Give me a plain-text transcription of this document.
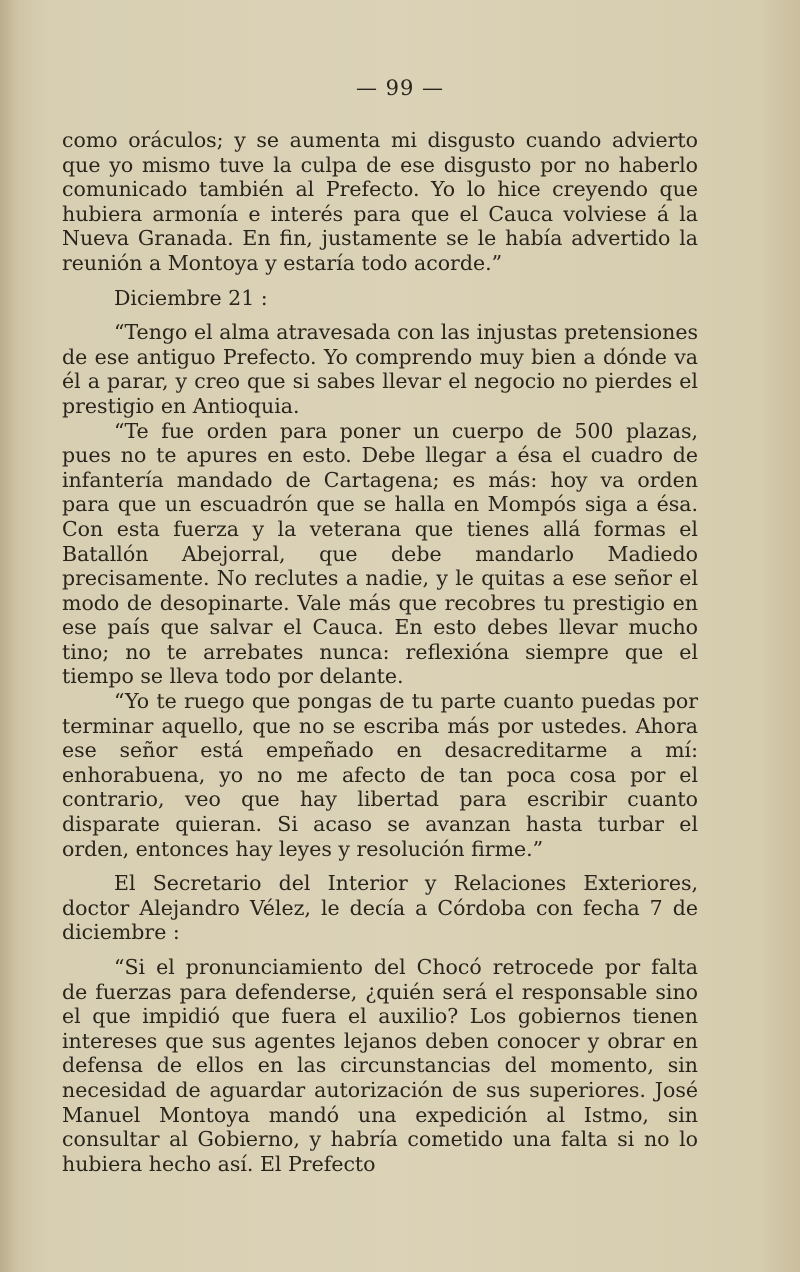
— 99 —

como oráculos; y se aumenta mi disgusto cuando advierto que yo mismo tuve la culpa de ese disgusto por no haberlo comunicado también al Prefecto. Yo lo hice creyendo que hubiera armonía e interés para que el Cauca volviese á la Nueva Granada. En fin, justamente se le había advertido la reunión a Montoya y estaría todo acorde.”

Diciembre 21 :

“Tengo el alma atravesada con las injustas pretensiones de ese antiguo Prefecto. Yo comprendo muy bien a dónde va él a parar, y creo que si sabes llevar el negocio no pierdes el prestigio en Antioquia.

“Te fue orden para poner un cuerpo de 500 plazas, pues no te apures en esto. Debe llegar a ésa el cuadro de infantería mandado de Cartagena; es más: hoy va orden para que un escuadrón que se halla en Mompós siga a ésa. Con esta fuerza y la veterana que tienes allá formas el Batallón Abejorral, que debe mandarlo Madiedo precisamente. No reclutes a nadie, y le quitas a ese señor el modo de desopinarte. Vale más que recobres tu prestigio en ese país que salvar el Cauca. En esto debes llevar mucho tino; no te arrebates nunca: reflexióna siempre que el tiempo se lleva todo por delante.

“Yo te ruego que pongas de tu parte cuanto puedas por terminar aquello, que no se escriba más por ustedes. Ahora ese señor está empeñado en desacreditarme a mí: enhorabuena, yo no me afecto de tan poca cosa por el contrario, veo que hay libertad para escribir cuanto disparate quieran. Si acaso se avanzan hasta turbar el orden, entonces hay leyes y resolución firme.”

El Secretario del Interior y Relaciones Exteriores, doctor Alejandro Vélez, le decía a Córdoba con fecha 7 de diciembre :

“Si el pronunciamiento del Chocó retrocede por falta de fuerzas para defenderse, ¿quién será el responsable sino el que impidió que fuera el auxilio? Los gobiernos tienen intereses que sus agentes lejanos deben conocer y obrar en defensa de ellos en las circunstancias del momento, sin necesidad de aguardar autorización de sus superiores. José Manuel Montoya mandó una expedición al Istmo, sin consultar al Gobierno, y habría cometido una falta si no lo hubiera hecho así. El Prefecto
